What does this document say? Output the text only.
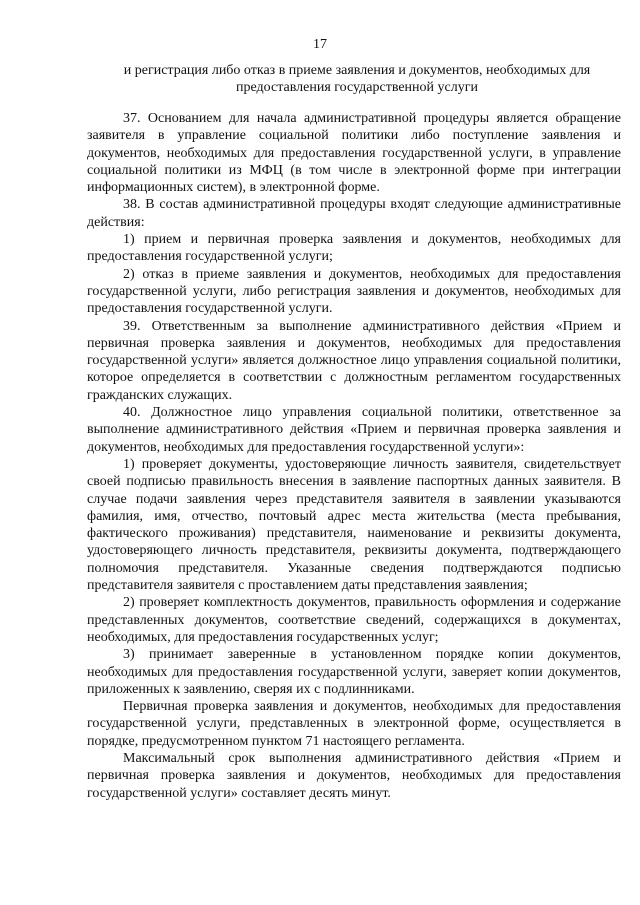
17
и регистрация либо отказ в приеме заявления и документов, необходимых для предоставления государственной услуги

37. Основанием для начала административной процедуры является обращение заявителя в управление социальной политики либо поступление заявления и документов, необходимых для предоставления государственной услуги, в управление социальной политики из МФЦ (в том числе в электронной форме при интеграции информационных систем), в электронной форме.

38. В состав административной процедуры входят следующие административные действия:

1) прием и первичная проверка заявления и документов, необходимых для предоставления государственной услуги;

2) отказ в приеме заявления и документов, необходимых для предоставления государственной услуги, либо регистрация заявления и документов, необходимых для предоставления государственной услуги.

39. Ответственным за выполнение административного действия «Прием и первичная проверка заявления и документов, необходимых для предоставления государственной услуги» является должностное лицо управления социальной политики, которое определяется в соответствии с должностным регламентом государственных гражданских служащих.

40. Должностное лицо управления социальной политики, ответственное за выполнение административного действия «Прием и первичная проверка заявления и документов, необходимых для предоставления государственной услуги»:

1) проверяет документы, удостоверяющие личность заявителя, свидетельствует своей подписью правильность внесения в заявление паспортных данных заявителя. В случае подачи заявления через представителя заявителя в заявлении указываются фамилия, имя, отчество, почтовый адрес места жительства (места пребывания, фактического проживания) представителя, наименование и реквизиты документа, удостоверяющего личность представителя, реквизиты документа, подтверждающего полномочия представителя. Указанные сведения подтверждаются подписью представителя заявителя с проставлением даты представления заявления;

2) проверяет комплектность документов, правильность оформления и содержание представленных документов, соответствие сведений, содержащихся в документах, необходимых, для предоставления государственных услуг;

3) принимает заверенные в установленном порядке копии документов, необходимых для предоставления государственной услуги, заверяет копии документов, приложенных к заявлению, сверяя их с подлинниками.

Первичная проверка заявления и документов, необходимых для предоставления государственной услуги, представленных в электронной форме, осуществляется в порядке, предусмотренном пунктом 71 настоящего регламента.

Максимальный срок выполнения административного действия «Прием и первичная проверка заявления и документов, необходимых для предоставления государственной услуги» составляет десять минут.
